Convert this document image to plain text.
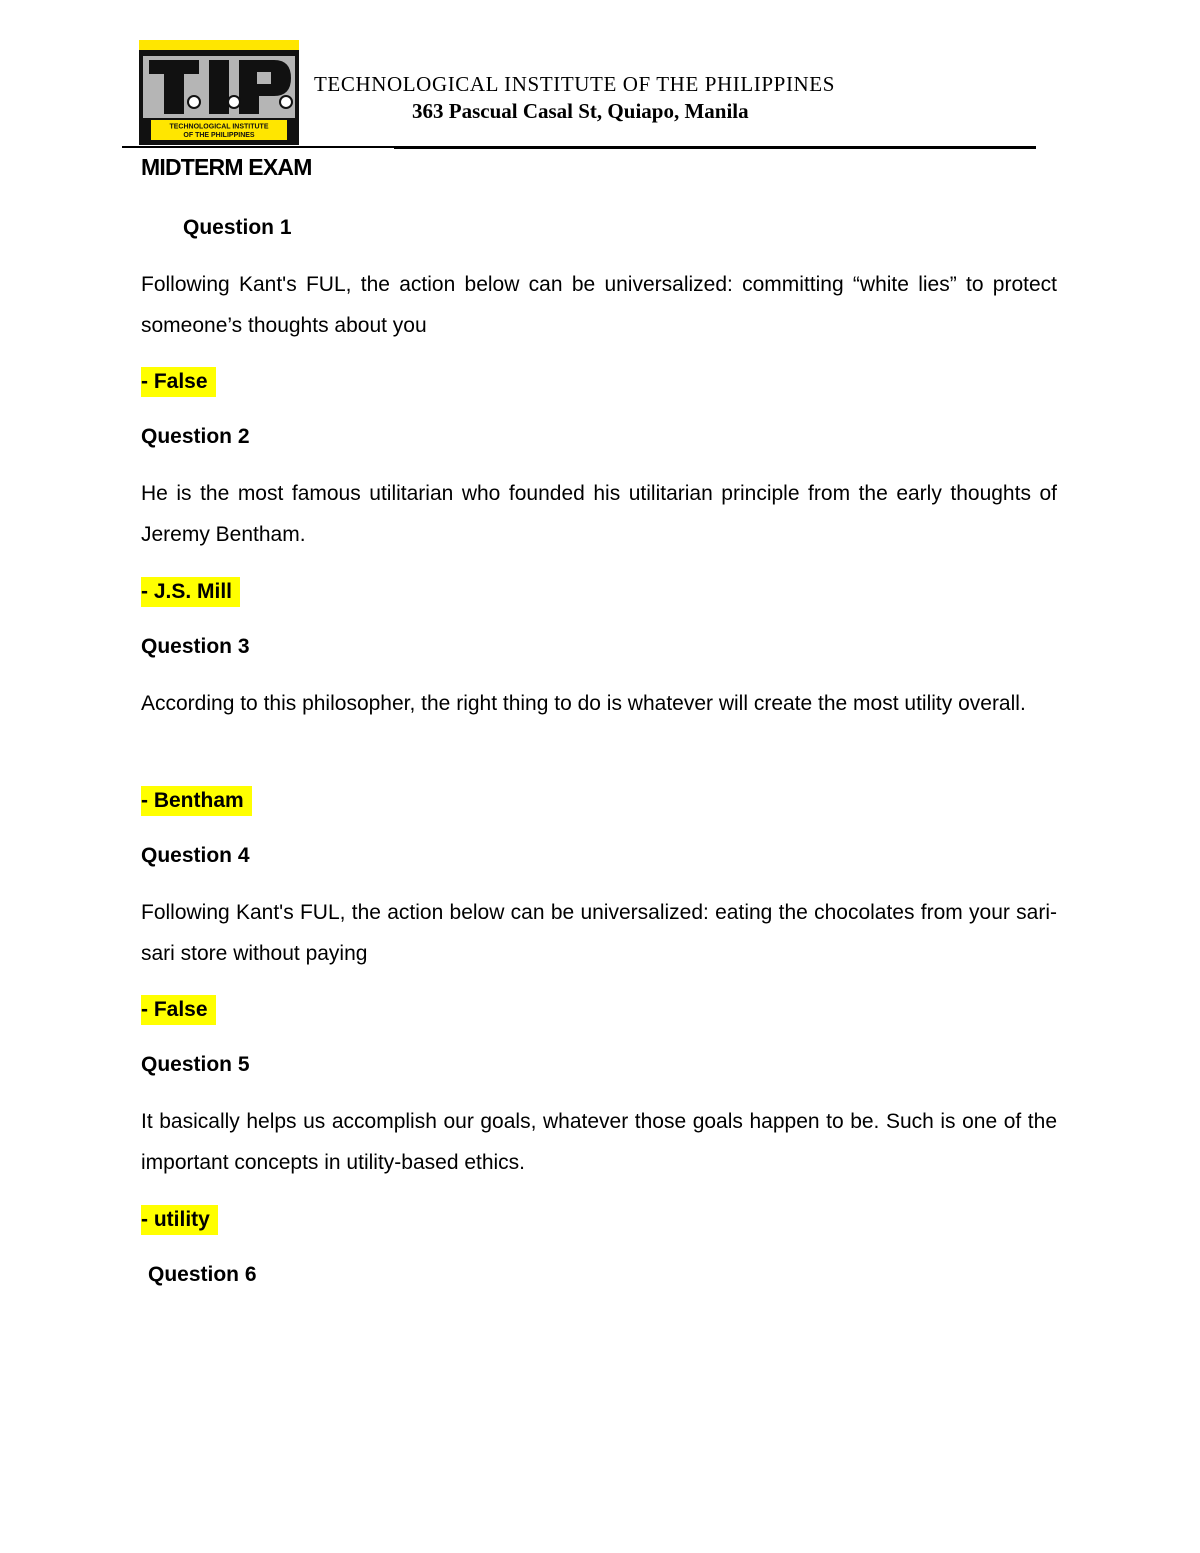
TECHNOLOGICAL INSTITUTE
OF THE PHILIPPINES
TECHNOLOGICAL INSTITUTE OF THE PHILIPPINES
363 Pascual Casal St, Quiapo, Manila
MIDTERM EXAM
Question 1
Following Kant's FUL, the action below can be universalized: committing “white lies” to protect someone’s thoughts about you
- False
Question 2
He is the most famous utilitarian who founded his utilitarian principle from the early thoughts of Jeremy Bentham.
- J.S. Mill
Question 3
According to this philosopher, the right thing to do is whatever will create the most utility overall.
- Bentham
Question 4
Following Kant's FUL, the action below can be universalized: eating the chocolates from your sari-sari store without paying
- False
Question 5
It basically helps us accomplish our goals, whatever those goals happen to be. Such is one of the important concepts in utility-based ethics.
- utility
Question 6
